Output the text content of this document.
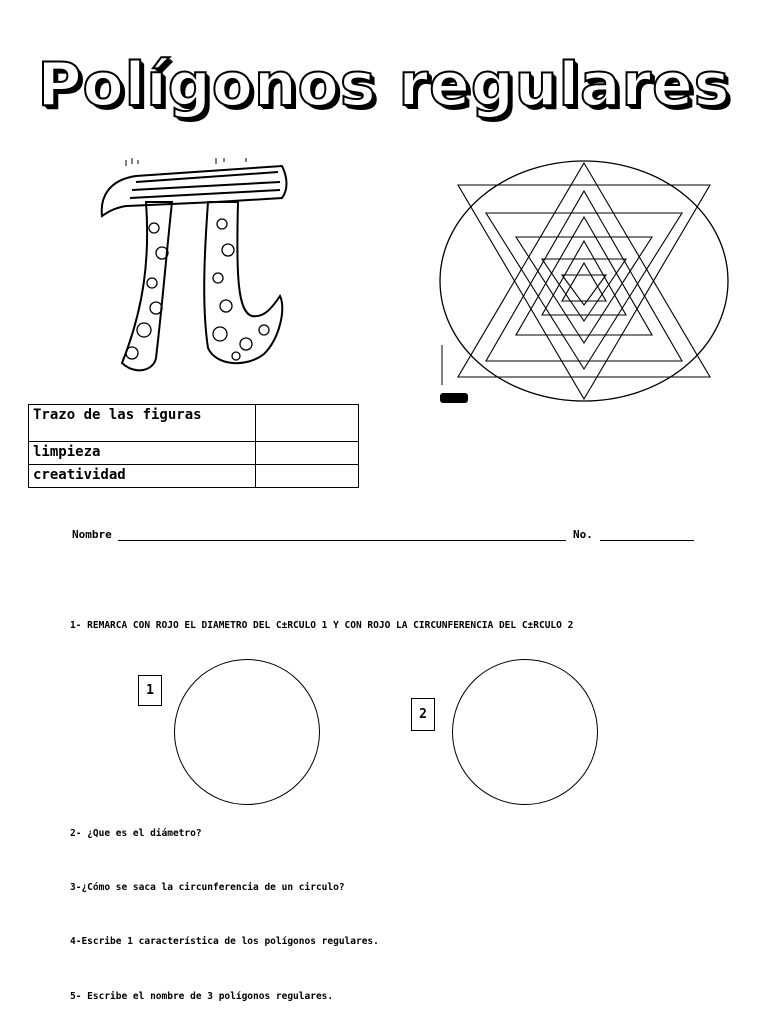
Polígonos regulares
Trazo de las figuras	
limpieza	
creatividad	
Nombre	No.
1- REMARCA CON ROJO EL DIAMETRO DEL C±RCULO 1 Y CON ROJO LA CIRCUNFERENCIA DEL C±RCULO 2
1
2
2- ¿Que es el diámetro?
3-¿Cómo se saca la circunferencia de un circulo?
4-Escribe 1 característica de los polígonos regulares.
5- Escribe el nombre de 3 polígonos regulares.
